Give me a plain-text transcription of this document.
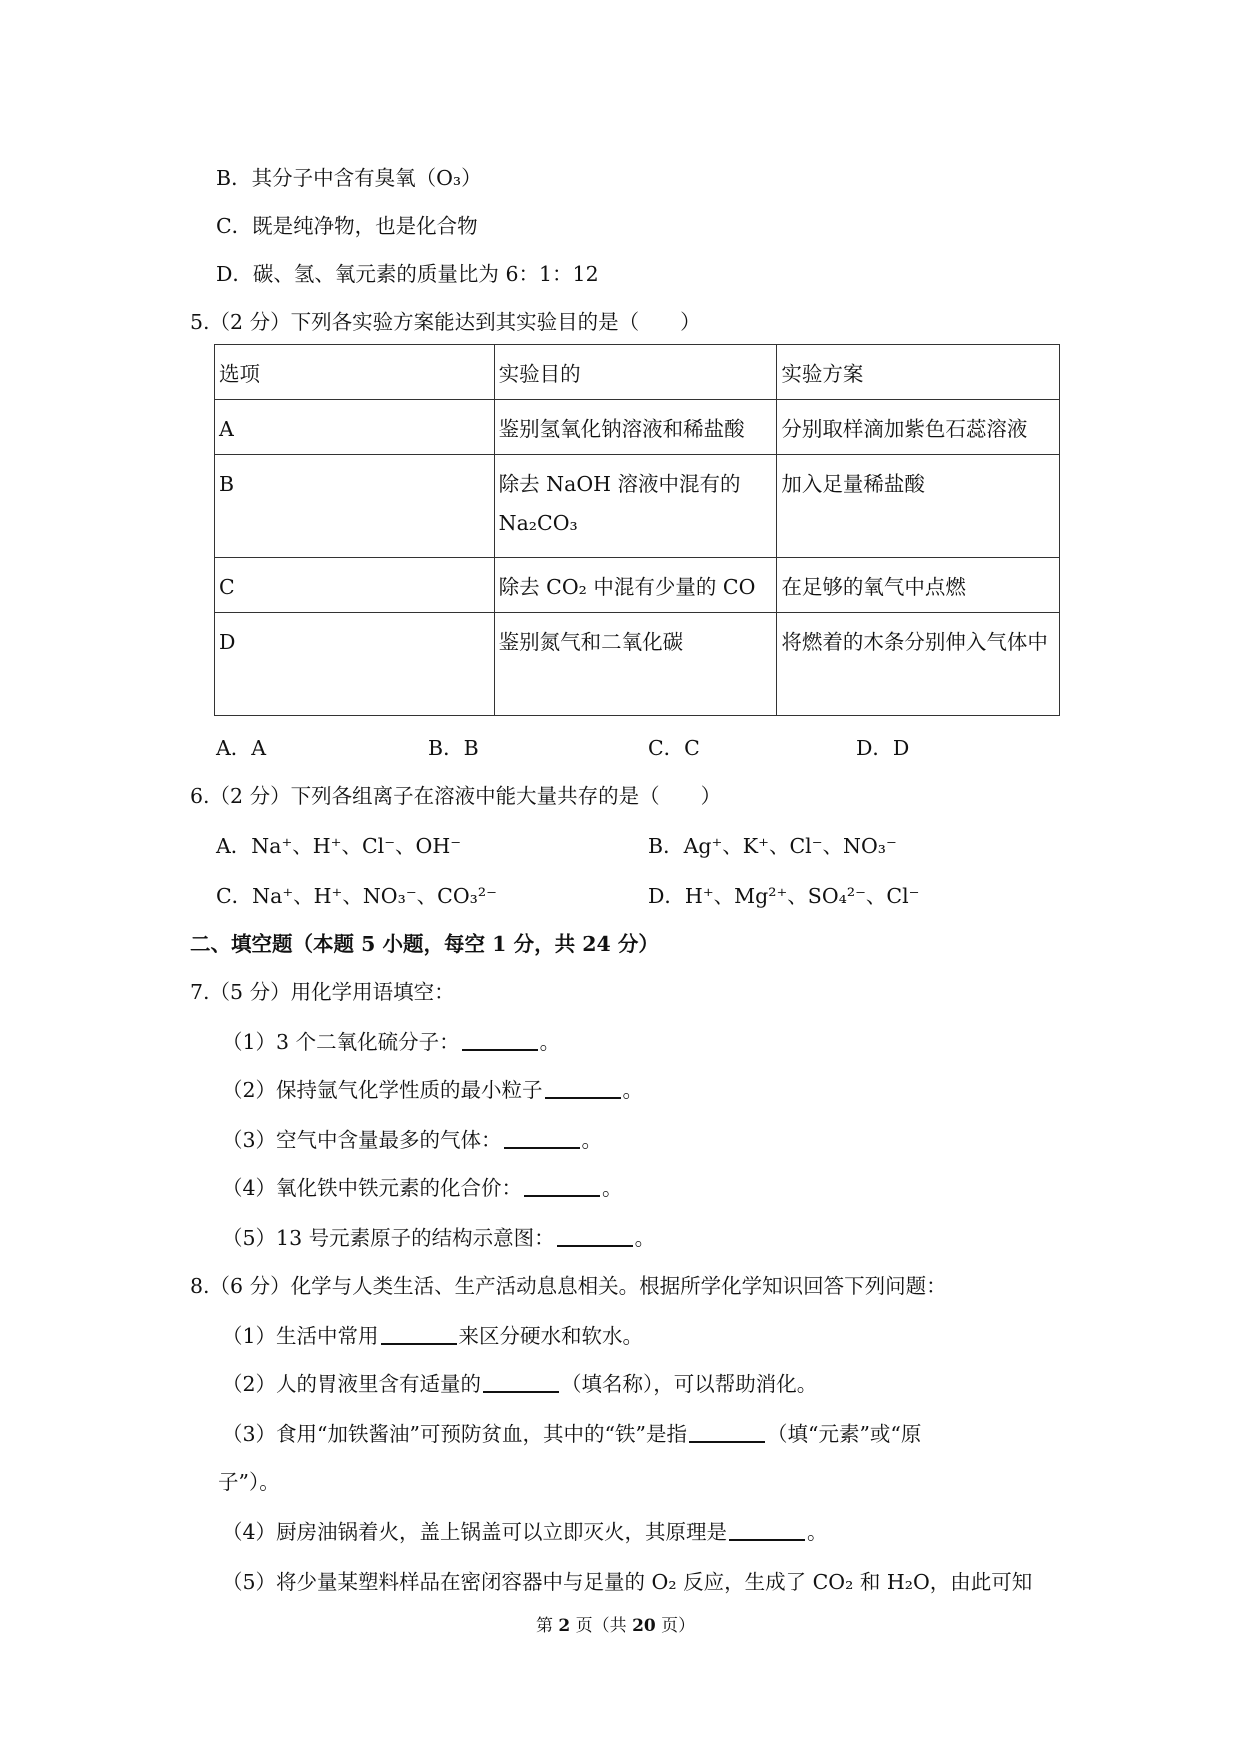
B．其分子中含有臭氧（O₃）
C．既是纯净物，也是化合物
D．碳、氢、氧元素的质量比为 6：1：12
5.（2 分）下列各实验方案能达到其实验目的是（　　）
选项	实验目的	实验方案
A	鉴别氢氧化钠溶液和稀盐酸	分别取样滴加紫色石蕊溶液
B	除去 NaOH 溶液中混有的 Na₂CO₃	加入足量稀盐酸
C	除去 CO₂ 中混有少量的 CO	在足够的氧气中点燃
D	鉴别氮气和二氧化碳	将燃着的木条分别伸入气体中
A．A	B．B	C．C	D．D
6.（2 分）下列各组离子在溶液中能大量共存的是（　　）
A．Na⁺、H⁺、Cl⁻、OH⁻	B．Ag⁺、K⁺、Cl⁻、NO₃⁻
C．Na⁺、H⁺、NO₃⁻、CO₃²⁻	D．H⁺、Mg²⁺、SO₄²⁻、Cl⁻
二、填空题（本题 5 小题，每空 1 分，共 24 分）
7.（5 分）用化学用语填空：
（1）3 个二氧化硫分子：	。
（2）保持氩气化学性质的最小粒子	。
（3）空气中含量最多的气体：	。
（4）氧化铁中铁元素的化合价：	。
（5）13 号元素原子的结构示意图：	。
8.（6 分）化学与人类生活、生产活动息息相关。根据所学化学知识回答下列问题：
（1）生活中常用	来区分硬水和软水。
（2）人的胃液里含有适量的	（填名称），可以帮助消化。
（3）食用“加铁酱油”可预防贫血，其中的“铁”是指	（填“元素”或“原
子”）。
（4）厨房油锅着火，盖上锅盖可以立即灭火，其原理是	。
（5）将少量某塑料样品在密闭容器中与足量的 O₂ 反应，生成了 CO₂ 和 H₂O，由此可知
第 2 页（共 20 页）
